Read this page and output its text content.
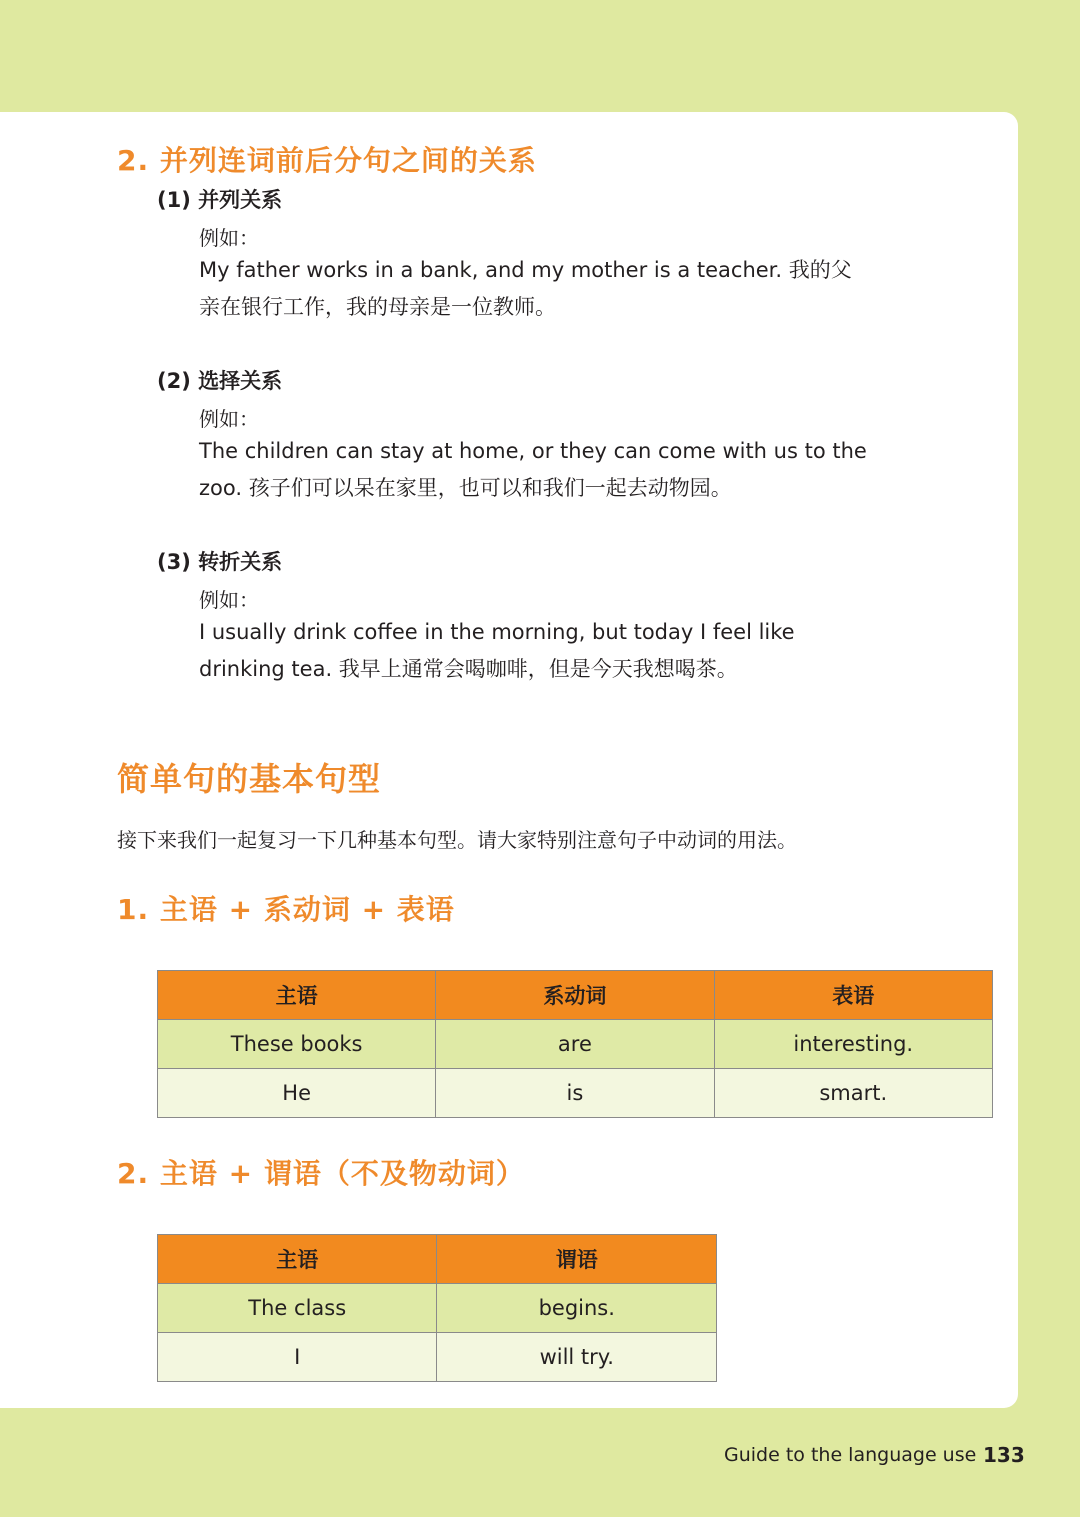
2. 并列连词前后分句之间的关系
(1) 并列关系
例如：

My father works in a bank, and my mother is a teacher. 我的父亲在银行工作，我的母亲是一位教师。

(2) 选择关系
例如：

The children can stay at home, or they can come with us to the zoo. 孩子们可以呆在家里，也可以和我们一起去动物园。

(3) 转折关系
例如：

I usually drink coffee in the morning, but today I feel like drinking tea. 我早上通常会喝咖啡，但是今天我想喝茶。

简单句的基本句型
接下来我们一起复习一下几种基本句型。请大家特别注意句子中动词的用法。
1. 主语 + 系动词 + 表语
主语	系动词	表语
These books	are	interesting.
He	is	smart.
2. 主语 + 谓语（不及物动词）
主语	谓语
The class	begins.
I	will try.
Guide to the language use 133
